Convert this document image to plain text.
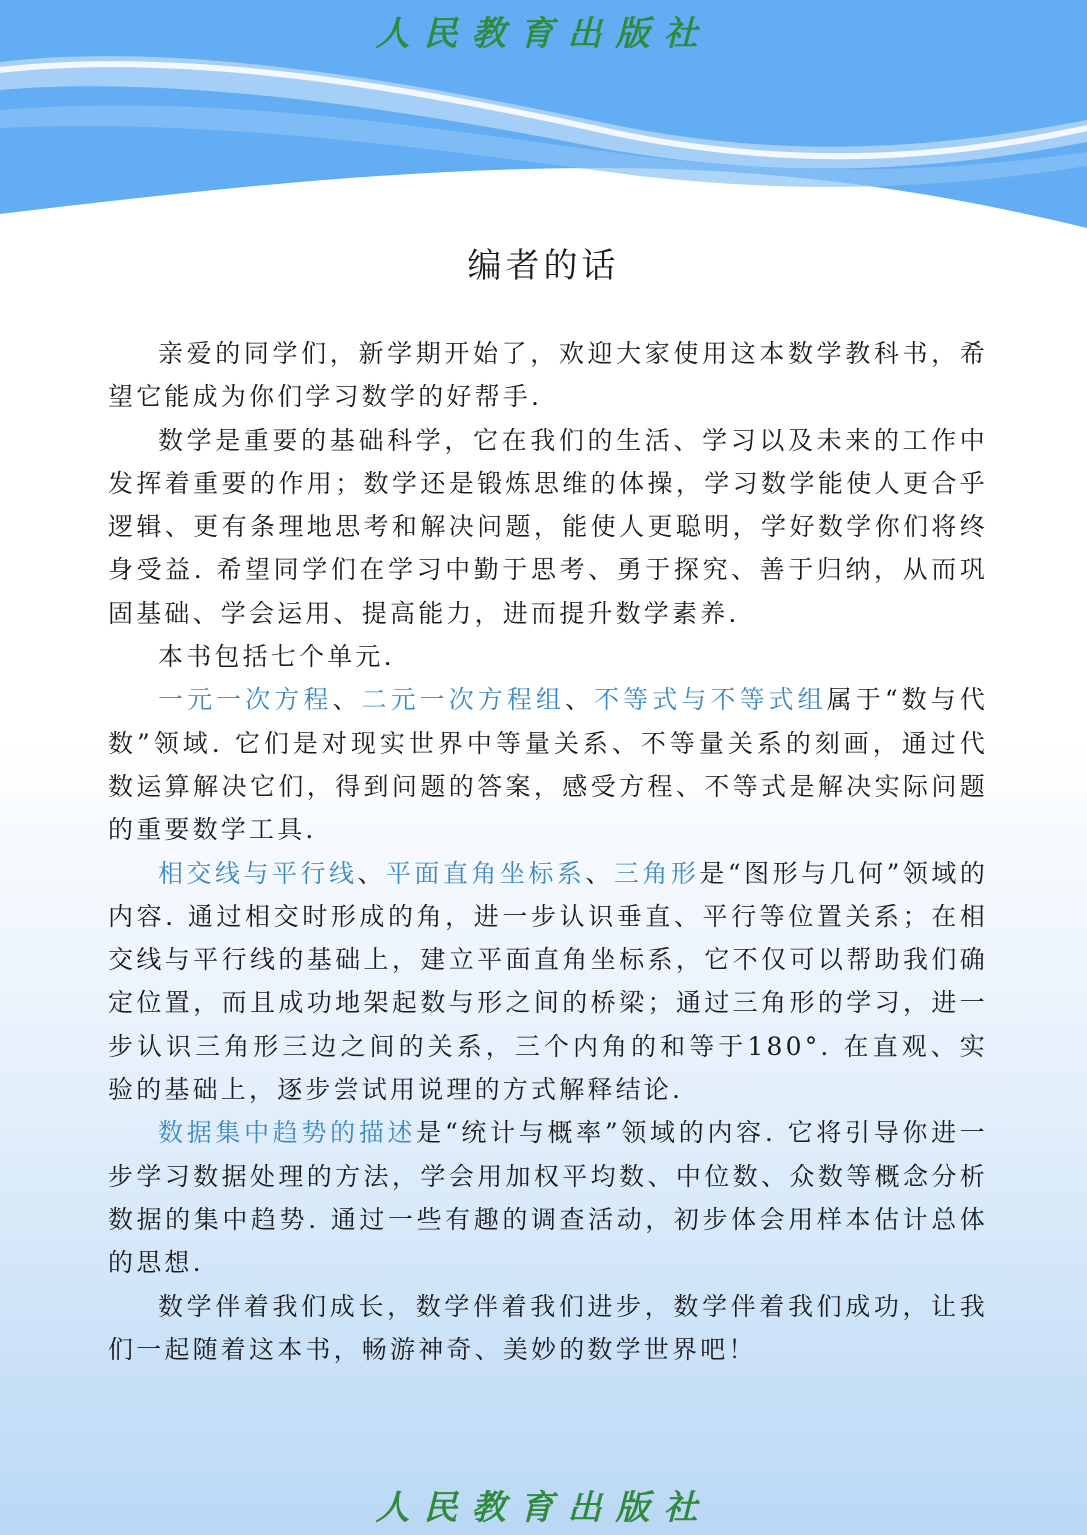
人民教育出版社
编者的话

亲爱的同学们，新学期开始了，欢迎大家使用这本数学教科书，希望它能成为你们学习数学的好帮手.

数学是重要的基础科学，它在我们的生活、学习以及未来的工作中发挥着重要的作用；数学还是锻炼思维的体操，学习数学能使人更合乎逻辑、更有条理地思考和解决问题，能使人更聪明，学好数学你们将终身受益. 希望同学们在学习中勤于思考、勇于探究、善于归纳，从而巩固基础、学会运用、提高能力，进而提升数学素养.

本书包括七个单元.

一元一次方程、二元一次方程组、不等式与不等式组属于“数与代数”领域. 它们是对现实世界中等量关系、不等量关系的刻画，通过代数运算解决它们，得到问题的答案，感受方程、不等式是解决实际问题的重要数学工具.

相交线与平行线、平面直角坐标系、三角形是“图形与几何”领域的内容. 通过相交时形成的角，进一步认识垂直、平行等位置关系；在相交线与平行线的基础上，建立平面直角坐标系，它不仅可以帮助我们确定位置，而且成功地架起数与形之间的桥梁；通过三角形的学习，进一步认识三角形三边之间的关系，三个内角的和等于180°. 在直观、实验的基础上，逐步尝试用说理的方式解释结论.

数据集中趋势的描述是“统计与概率”领域的内容. 它将引导你进一步学习数据处理的方法，学会用加权平均数、中位数、众数等概念分析数据的集中趋势. 通过一些有趣的调查活动，初步体会用样本估计总体的思想.

数学伴着我们成长，数学伴着我们进步，数学伴着我们成功，让我们一起随着这本书，畅游神奇、美妙的数学世界吧！

人民教育出版社
